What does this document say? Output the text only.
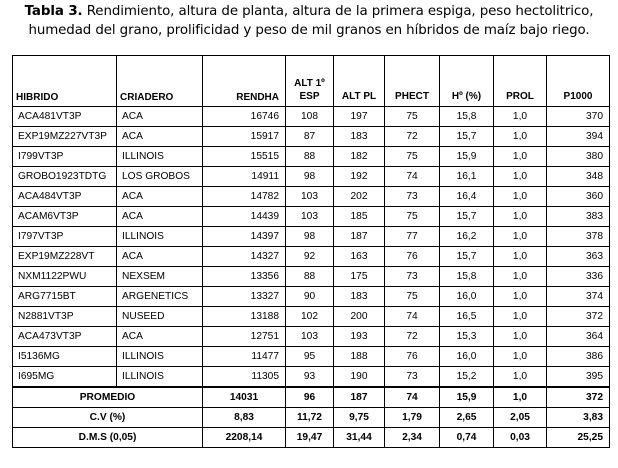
Tabla 3. Rendimiento, altura de planta, altura de la primera espiga, peso hectolitrico,
humedad del grano, prolificidad y peso de mil granos en híbridos de maíz bajo riego.
HIBRIDO	CRIADERO	RENDHA	ALT 1º
ESP	ALT PL	PHECT	Hº (%)	PROL	P1000
ACA481VT3P	ACA	16746	108	197	75	15,8	1,0	370
EXP19MZ227VT3P	ACA	15917	87	183	72	15,7	1,0	394
I799VT3P	ILLINOIS	15515	88	182	75	15,9	1,0	380
GROBO1923TDTG	LOS GROBOS	14911	98	192	74	16,1	1,0	348
ACA484VT3P	ACA	14782	103	202	73	16,4	1,0	360
ACAM6VT3P	ACA	14439	103	185	75	15,7	1,0	383
I797VT3P	ILLINOIS	14397	98	187	77	16,2	1,0	378
EXP19MZ228VT	ACA	14327	92	163	76	15,7	1,0	363
NXM1122PWU	NEXSEM	13356	88	175	73	15,8	1,0	336
ARG7715BT	ARGENETICS	13327	90	183	75	16,0	1,0	374
N2881VT3P	NUSEED	13188	102	200	74	16,5	1,0	372
ACA473VT3P	ACA	12751	103	193	72	15,3	1,0	364
I5136MG	ILLINOIS	11477	95	188	76	16,0	1,0	386
I695MG	ILLINOIS	11305	93	190	73	15,2	1,0	395
PROMEDIO		14031	96	187	74	15,9	1,0	372
C.V (%)		8,83	11,72	9,75	1,79	2,65	2,05	3,83
D.M.S (0,05)		2208,14	19,47	31,44	2,34	0,74	0,03	25,25
